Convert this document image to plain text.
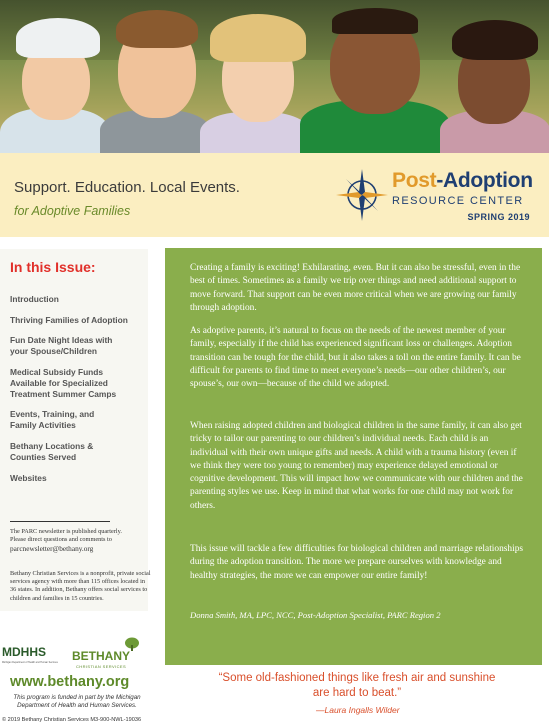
Support. Education. Local Events.
for Adoptive Families
Post-Adoption
RESOURCE CENTER
SPRING 2019
In this Issue:
Introduction
Thriving Families of Adoption
Fun Date Night Ideas with your Spouse/Children
Medical Subsidy Funds Available for Specialized Treatment Summer Camps
Events, Training, and Family Activities
Bethany Locations & Counties Served
Websites
The PARC newsletter is published quarterly.
Please direct questions and comments to
parcnewsletter@bethany.org
Bethany Christian Services is a nonprofit, private social services agency with more than 115 offices located in 36 states. In addition, Bethany offers social services to children and families in 15 countries.
MDHHS
Michigan Department of Health and Human Services BETHANY
CHRISTIAN SERVICES
www.bethany.org
This program is funded in part by the Michigan Department of Health and Human Services.
© 2019 Bethany Christian Services M3-900-NWL-19036

Creating a family is exciting! Exhilarating, even. But it can also be stressful, even in the best of times. Sometimes as a family we trip over things and need additional support to move forward. That support can be even more critical when we are growing our family through adoption.

As adoptive parents, it’s natural to focus on the needs of the newest member of your family, especially if the child has experienced significant loss or challenges. Adoption transition can be tough for the child, but it also takes a toll on the entire family. It can be difficult for parents to find time to meet everyone’s needs—our other children’s, our spouse’s, our own—because of the child we adopted.

When raising adopted children and biological children in the same family, it can also get tricky to tailor our parenting to our children’s individual needs. Each child is an individual with their own unique gifts and needs. A child with a trauma history (even if we think they were too young to remember) may experience delayed emotional or cognitive development. This will impact how we communicate with our children and the parenting styles we use. Keep in mind that what works for one child may not work for others.

This issue will tackle a few difficulties for biological children and marriage relationships during the adoption transition. The more we prepare ourselves with knowledge and healthy strategies, the more we can empower our entire family!

Donna Smith, MA, LPC, NCC, Post-Adoption Specialist, PARC Region 2
“Some old-fashioned things like fresh air and sunshine are hard to beat.”
—Laura Ingalls Wilder
